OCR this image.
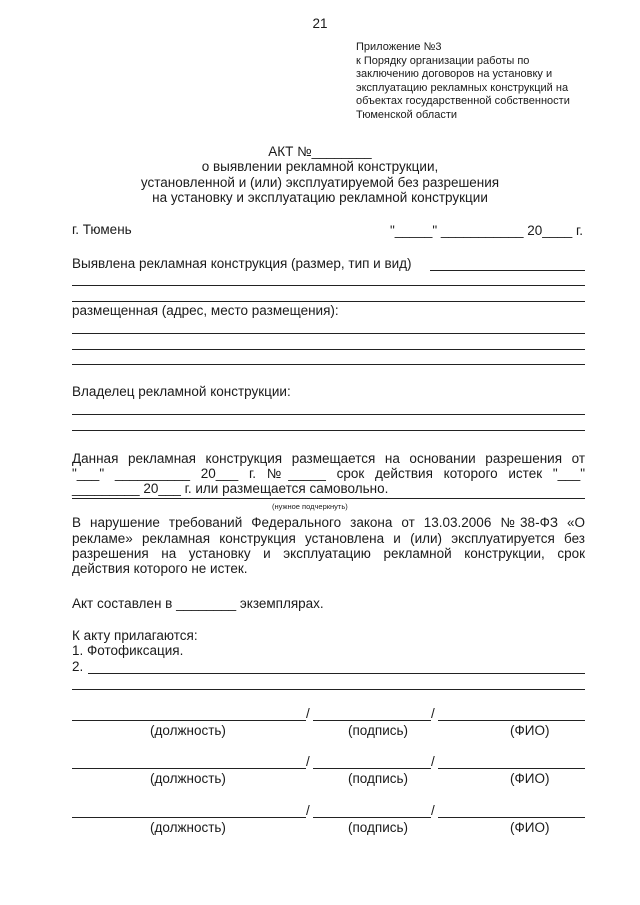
21
Приложение №3
к Порядку организации работы по
заключению договоров на установку и
эксплуатацию рекламных конструкций на
объектах государственной собственности
Тюменской области
АКТ №________
о выявлении рекламной конструкции,
установленной и (или) эксплуатируемой без разрешения
на установку и эксплуатацию рекламной конструкции
г. Тюмень	"_____" ___________ 20____ г.
Выявлена рекламная конструкция (размер, тип и вид)
размещенная (адрес, место размещения):
Владелец рекламной конструкции:
Данная рекламная конструкция размещается на основании разрешения от
"___" __________ 20___ г. №_____ срок действия которого истек "___"
_________ 20___ г. или размещается самовольно.
(нужное подчеркнуть)
В нарушение требований Федерального закона от 13.03.2006 №38-ФЗ «О
рекламе» рекламная конструкция установлена и (или) эксплуатируется без
разрешения на установку и эксплуатацию рекламной конструкции, срок
действия которого не истек.
Акт составлен в ________ экземплярах.
К акту прилагаются:
1. Фотофиксация.
2.
/	/
(должность)	(подпись)	(ФИО)
/	/
(должность)	(подпись)	(ФИО)
/	/
(должность)	(подпись)	(ФИО)
